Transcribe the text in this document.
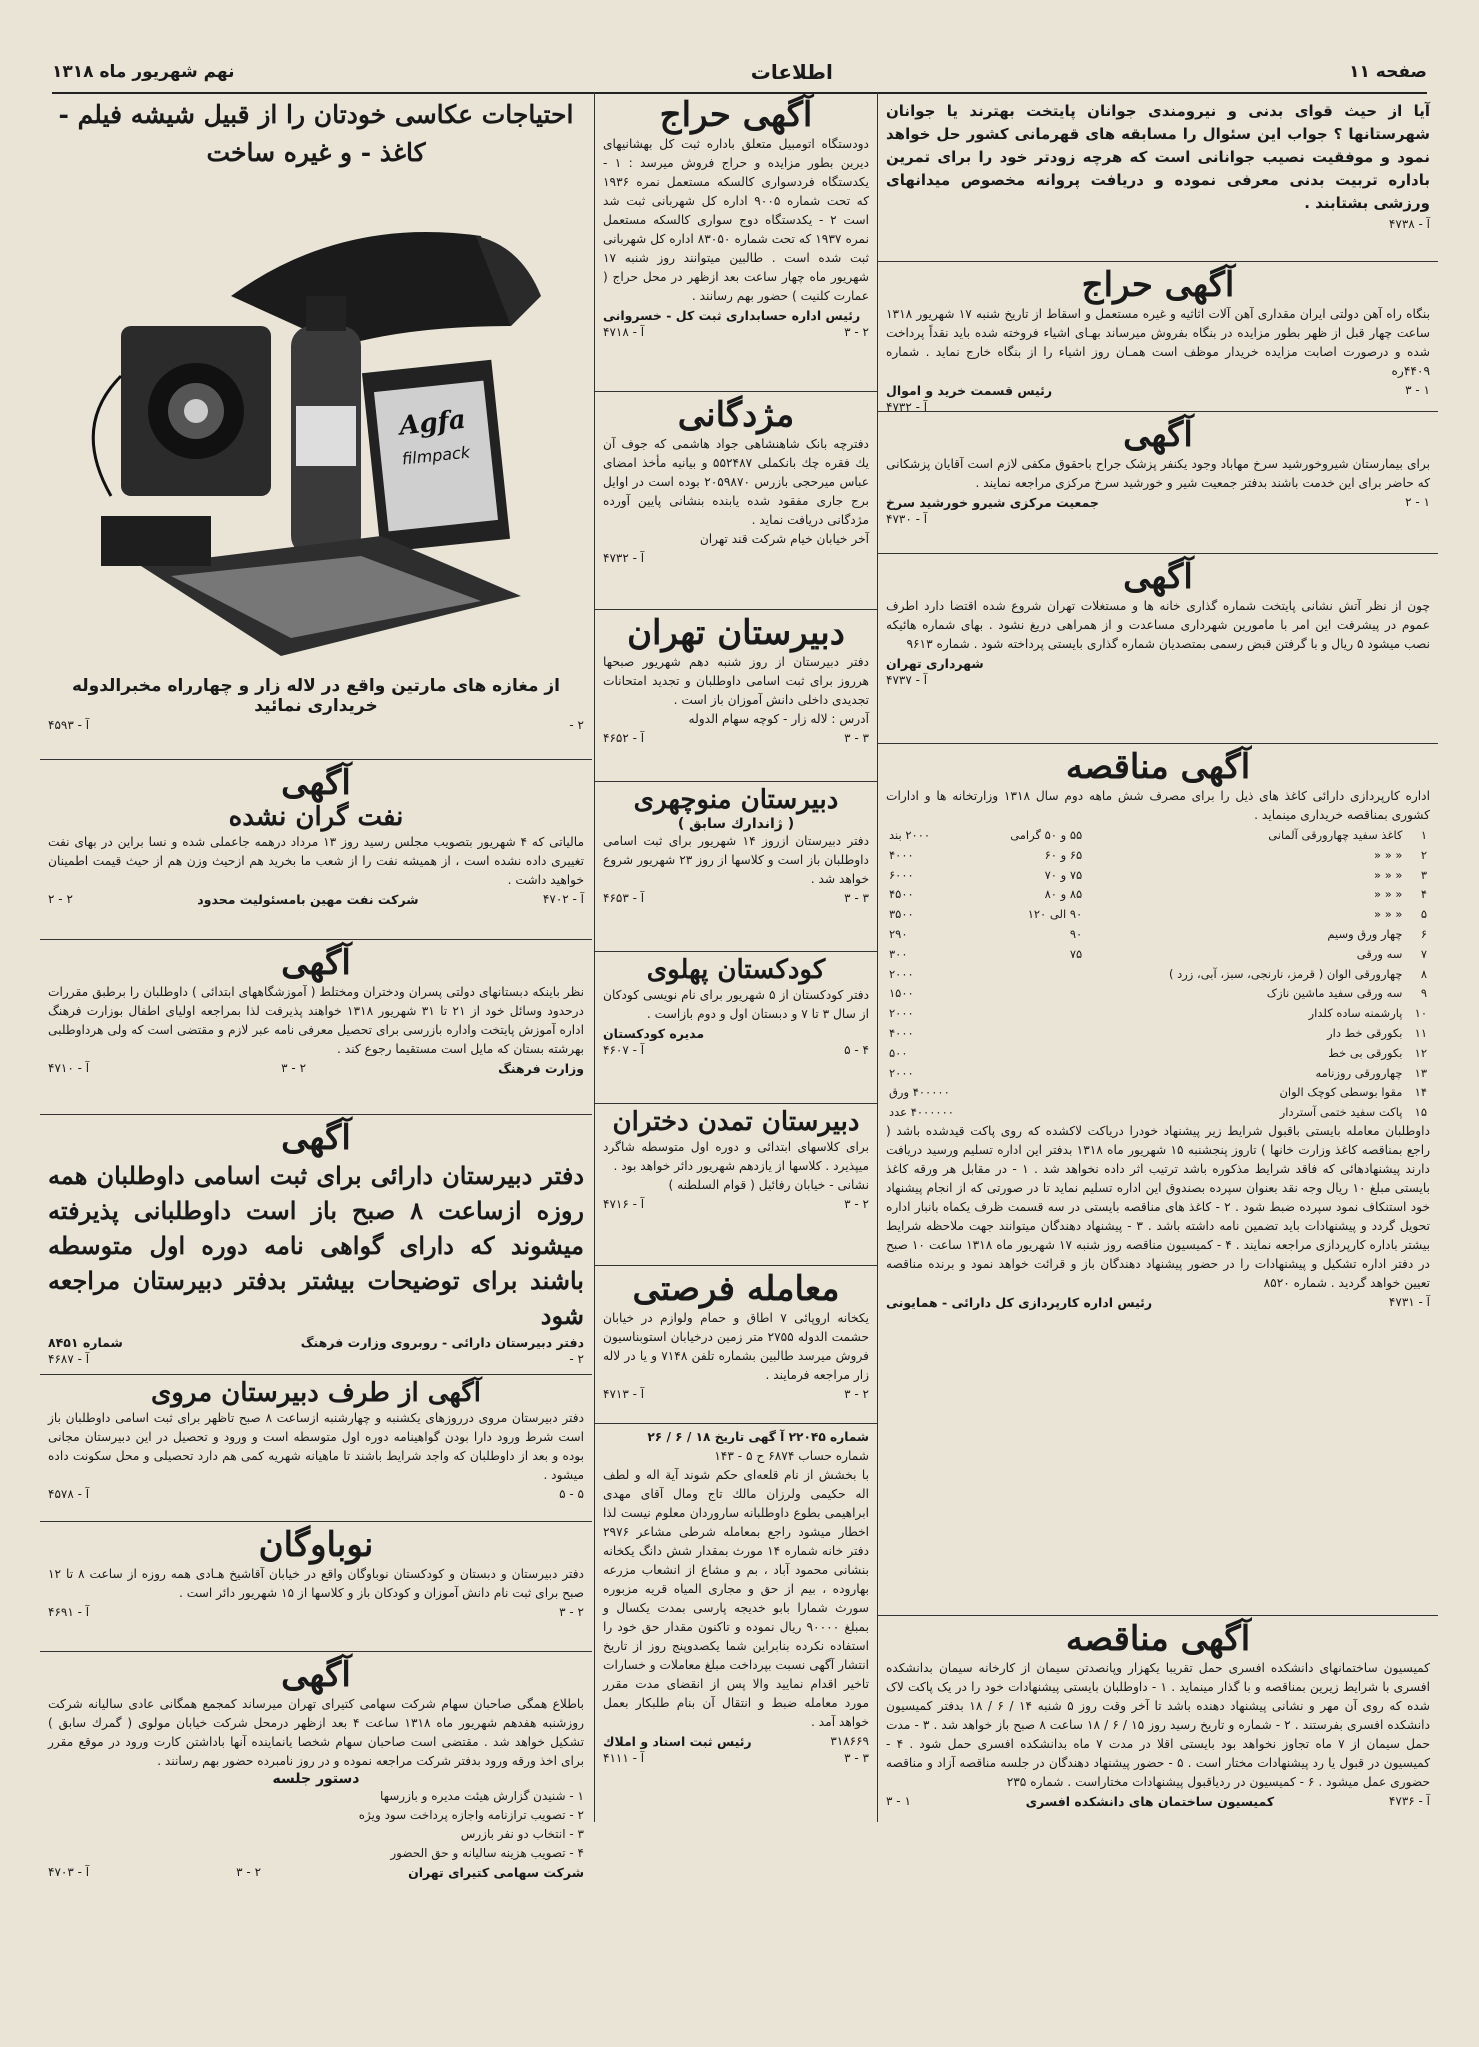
صفحه ۱۱
اطلاعات
نهم شهریور ماه ۱۳۱۸
آیا از حیث قوای بدنی و نیرومندی جوانان پایتخت بهترند یا جوانان شهرستانها ؟ جواب این سئوال را مسابقه های قهرمانی کشور حل خواهد نمود و موفقیت نصیب جوانانی است که هرچه زودتر خود را برای تمرین باداره تربیت بدنی معرفی نموده و دریافت پروانه مخصوص میدانهای ورزشی بشتابند .
آ - ۴۷۳۸
آگهی حراج
بنگاه راه آهن دولتی ایران مقداری آهن آلات اثاثیه و غیره مستعمل و اسقاط از تاریخ شنبه ۱۷ شهریور ۱۳۱۸ ساعت چهار قبل از ظهر بطور مزایده در بنگاه بفروش میرساند بهـای اشیاء فروخته شده باید نقداً پرداخت شده و درصورت اصابت مزایده خریدار موظف است همـان روز اشیاء را از بنگاه خارج نماید . شماره ۴۴۰۹ره
۱ - ۳
رئیس قسمت خرید و اموال
آ - ۴۷۳۲
آگهی
برای بیمارستان شیروخورشید سرخ مهاباد وجود یکنفر پزشک جراح باحقوق مکفی لازم است آقایان پزشکانی که حاضر برای این خدمت باشند بدفتر جمعیت شیر و خورشید سرخ مرکزی مراجعه نمایند .
۱ - ۲
جمعیت مرکزی شیرو خورشید سرخ
آ - ۴۷۳۰
آگهی
چون از نظر آتش نشانی پایتخت شماره گذاری خانه ها و مستغلات تهران شروع شده اقتضا دارد اطرف عموم در پیشرفت این امر با مامورین شهرداری مساعدت و از همراهی دریغ نشود . بهای شماره هائیکه نصب میشود ۵ ریال و با گرفتن قبض رسمی بمتصدیان شماره گذاری بایستی پرداخته شود . شماره ۹۶۱۳
شهرداری تهران
آ - ۴۷۳۷
آگهی مناقصه
اداره کارپردازی دارائی کاغذ های ذیل را برای مصرف شش ماهه دوم سال ۱۳۱۸ وزارتخانه ها و ادارات کشوری بمناقصه خریداری مینماید .
۱	کاغذ سفید چهارورقی آلمانی	۵۵ و ۵۰ گرامی	۲۰۰۰ بند
۲	« « «	۶۵ و ۶۰	۴۰۰۰
۳	« « «	۷۵ و ۷۰	۶۰۰۰
۴	« « «	۸۵ و ۸۰	۴۵۰۰
۵	« « «	۹۰ الی ۱۲۰	۳۵۰۰
۶	چهار ورق وسیم	۹۰	۲۹۰
۷	سه ورقی	۷۵	۳۰۰
۸	چهارورقی الوان ( قرمز، نارنجی، سبز، آبی، زرد )		۲۰۰۰
۹	سه ورقی سفید ماشین نازک		۱۵۰۰
۱۰	پارشمنه ساده کلدار		۲۰۰۰
۱۱	بکورقی خط دار		۴۰۰۰
۱۲	بکورقی بی خط		۵۰۰
۱۳	چهارورقی روزنامه		۲۰۰۰
۱۴	مقوا بوسطی کوچک الوان		۴۰۰۰۰۰ ورق
۱۵	پاکت سفید ختمی آستردار		۴۰۰۰۰۰۰ عدد
داوطلبان معامله بایستی باقبول شرایط زیر پیشنهاد خودرا دریاکت لاکشده که روی پاکت قیدشده باشد ( راجع بمناقصه کاغذ وزارت خانها ) تاروز پنجشنبه ۱۵ شهریور ماه ۱۳۱۸ بدفتر این اداره تسلیم ورسید دریافت دارند پیشنهادهائی که فاقد شرایط مذکوره باشد ترتیب اثر داده نخواهد شد . ۱ - در مقابل هر ورقه کاغذ بایستی مبلغ ۱۰ ریال وجه نقد بعنوان سپرده بصندوق این اداره تسلیم نماید تا در صورتی که از انجام پیشنهاد خود استنکاف نمود سپرده ضبط شود . ۲ - کاغذ های مناقصه بایستی در سه قسمت ظرف یکماه بانبار اداره تحویل گردد و پیشنهادات باید تضمین نامه داشته باشد . ۳ - پیشنهاد دهندگان میتوانند جهت ملاحظه شرایط بیشتر باداره کارپردازی مراجعه نمایند . ۴ - کمیسیون مناقصه روز شنبه ۱۷ شهریور ماه ۱۳۱۸ ساعت ۱۰ صبح در دفتر اداره تشکیل و پیشنهادات را در حضور پیشنهاد دهندگان باز و قرائت خواهد نمود و برنده مناقصه تعیین خواهد گردید . شماره ۸۵۲۰
آ - ۴۷۳۱
رئیس اداره کارپردازی کل دارائی - همایونی
آگهی مناقصه
کمیسیون ساختمانهای دانشکده افسری حمل تقریبا یکهزار وپانصدتن سیمان از کارخانه سیمان بدانشکده افسری با شرایط زیرین بمناقصه و با گذار مینماید . ۱ - داوطلبان بایستی پیشنهادات خود را در یک پاکت لاک شده که روی آن مهر و نشانی پیشنهاد دهنده باشد تا آخر وقت روز ۵ شنبه ۱۴ / ۶ / ۱۸ بدفتر کمیسیون دانشکده افسری بفرستند . ۲ - شماره و تاریخ رسید روز ۱۵ / ۶ / ۱۸ ساعت ۸ صبح باز خواهد شد . ۳ - مدت حمل سیمان از ۷ ماه تجاوز نخواهد بود بایستی اقلا در مدت ۷ ماه بدانشکده افسری حمل شود . ۴ - کمیسیون در قبول یا رد پیشنهادات مختار است . ۵ - حضور پیشنهاد دهندگان در جلسه مناقصه آزاد و مناقصه حضوری عمل میشود . ۶ - کمیسیون در ردیاقبول پیشنهادات مختاراست . شماره ۲۳۵
آ - ۴۷۳۶
کمیسیون ساختمان های دانشکده افسری
۱ - ۳
آگهی حراج
دودستگاه اتومبیل متعلق باداره ثبت کل بهشانیهای دیرین بطور مزایده و حراج فروش میرسد : ۱ - یکدستگاه فردسواری کالسکه مستعمل نمره ۱۹۳۶ که تحت شماره ۹۰۰۵ اداره کل شهربانی ثبت شد است ۲ - یکدستگاه دوج سواری کالسکه مستعمل نمره ۱۹۳۷ که تحت شماره ۸۳۰۵۰ اداره کل شهربانی ثبت شده است . طالبین میتوانند روز شنبه ۱۷ شهریور ماه چهار ساعت بعد ازظهر در محل حراج ( عمارت کلنیت ) حضور بهم رسانند .
رئیس اداره حسابداری ثبت کل - خسروانی
۲ - ۳
آ - ۴۷۱۸
مژدگانی
دفترچه بانک شاهنشاهی جواد هاشمی که جوف آن یك فقره چك بانکملی ۵۵۲۴۸۷ و بیانیه مأخذ امضای عباس میرحجی بازرس ۲۰۵۹۸۷۰ بوده است در اوایل برج جاری مفقود شده یابنده بنشانی پایین آورده مژدگانی دریافت نماید .
آخر خیابان خیام شرکت قند تهران
آ - ۴۷۳۲
دبیرستان تهران
دفتر دبیرستان از روز شنبه دهم شهریور صبحها هرروز برای ثبت اسامی داوطلبان و تجدید امتحانات تجدیدی داخلی دانش آموزان باز است .
آدرس : لاله زار - کوچه سهام الدوله
۳ - ۳
آ - ۴۶۵۲
دبیرستان منوچهری
( ژاندارك سابق )
دفتر دبیرستان ازروز ۱۴ شهریور برای ثبت اسامی داوطلبان باز است و کلاسها از روز ۲۳ شهریور شروع خواهد شد .
۳ - ۳
آ - ۴۶۵۳
کودکستان پهلوی
دفتر کودکستان از ۵ شهریور برای نام نویسی کودکان از سال ۳ تا ۷ و دبستان اول و دوم بازاست .
مدیره کودکستان
۴ - ۵
آ - ۴۶۰۷
دبیرستان تمدن دختران
برای کلاسهای ابتدائی و دوره اول متوسطه شاگرد میپذیرد . کلاسها از یازدهم شهریور دائر خواهد بود .
نشانی - خیابان رفائیل ( قوام السلطنه )
۲ - ۳
آ - ۴۷۱۶
معامله فرصتی
یکخانه اروپائی ۷ اطاق و حمام ولوازم در خیابان حشمت الدوله ۲۷۵۵ متر زمین درخیابان استوبناسیون فروش میرسد طالبین بشماره تلفن ۷۱۴۸ و یا در لاله زار مراجعه فرمایند .
۲ - ۳
آ - ۴۷۱۳
شماره ۲۲۰۴۵ آ گهی تاریخ ۱۸ / ۶ / ۲۶
شماره حساب ۶۸۷۴ ح ۵ - ۱۴۳
با بخشش از نام قلعه‌ای حکم شوند آیة اله و لطف اله حکیمی ولرزان مالك تاج ومال آقای مهدی ابراهیمی بطوع داوطلبانه ساروردان معلوم نیست لذا اخطار میشود راجع بمعامله شرطی مشاعر ۲۹۷۶ دفتر خانه شماره ۱۴ مورث بمقدار شش دانگ یکخانه بنشانی محمود آباد ، بم و مشاع از انشعاب مزرعه بهاروده ، بیم از حق و مجاری المیاه قریه مزبوره سورث شمارا بابو خدیجه پارسی بمدت یکسال و بمبلغ ۹۰۰۰۰ ریال نموده و تاکنون مقدار حق خود را استفاده نکرده بنابراین شما یکصدوپنج روز از تاریخ انتشار آگهی نسبت بپرداخت مبلغ معاملات و خسارات تاخیر اقدام نمایید والا پس از انقضای مدت مقرر مورد معامله ضبط و انتقال آن بنام طلبکار بعمل خواهد آمد .
۳۱۸۶۶۹
رئیس ثبت اسناد و املاك
۳ - ۳
آ - ۴۱۱۱
احتیاجات عکاسی خودتان را از قبیل شیشه فیلم - کاغذ - و غیره ساخت
Agfa
filmpack
از مغازه های مارتین واقع در لاله زار و چهارراه مخبرالدوله خریداری نمائید
۲ -
آ - ۴۵۹۳
آگهی
نفت گران نشده
مالیاتی که ۴ شهریور بتصویب مجلس رسید روز ۱۳ مرداد درهمه جاعملی شده و نسا براین در بهای نفت تغییری داده نشده است ، از همیشه نفت را از شعب ما بخرید هم ازحیث وزن هم از حیث قیمت اطمینان خواهید داشت .
آ - ۴۷۰۲
شرکت نفت مهین بامسئولیت محدود
۲ - ۲
آگهی
نظر باینکه دبستانهای دولتی پسران ودختران ومختلط ( آموزشگاههای ابتدائی ) داوطلبان را برطبق مقررات درحدود وسائل خود از ۲۱ تا ۳۱ شهریور ۱۳۱۸ خواهند پذیرفت لذا بمراجعه اولیای اطفال بوزارت فرهنگ اداره آموزش پایتخت واداره بازرسی برای تحصیل معرفی نامه عبر لازم و مقتضی است که ولی هرداوطلبی بهرشته بستان که مایل است مستقیما رجوع کند .
وزارت فرهنگ
۲ - ۳
آ - ۴۷۱۰
آگهی
دفتر دبیرستان دارائی برای ثبت اسامی داوطلبان همه روزه ازساعت ۸ صبح باز است داوطلبانی پذیرفته میشوند که دارای گواهی نامه دوره اول متوسطه باشند برای توضیحات بیشتر بدفتر دبیرستان مراجعه شود
دفتر دبیرستان دارائی - روبروی وزارت فرهنگ
شماره ۸۴۵۱
۲ -
آ - ۴۶۸۷
آگهی از طرف دبیرستان مروی
دفتر دبیرستان مروی درروزهای یکشنبه و چهارشنبه ازساعت ۸ صبح تاظهر برای ثبت اسامی داوطلبان باز است شرط ورود دارا بودن گواهینامه دوره اول متوسطه است و ورود و تحصیل در این دبیرستان مجانی بوده و بعد از داوطلبان که واجد شرایط باشند تا ماهیانه شهریه کمی هم دارد تحصیلی و محل سکونت داده میشود .
۵ - ۵
آ - ۴۵۷۸
نوباوگان
دفتر دبیرستان و دبستان و کودکستان نوباوگان واقع در خیابان آقاشیخ هـادی همه روزه از ساعت ۸ تا ۱۲ صبح برای ثبت نام دانش آموزان و کودکان باز و کلاسها از ۱۵ شهریور دائر است .
۲ - ۳
آ - ۴۶۹۱
آگهی
باطلاع همگی صاحبان سهام شرکت سهامی کتیرای تهران میرساند کمجمع همگانی عادی سالیانه شرکت روزشنبه هفدهم شهریور ماه ۱۳۱۸ ساعت ۴ بعد ازظهر درمحل شرکت خیابان مولوی ( گمرك سابق ) تشکیل خواهد شد . مقتضی است صاحبان سهام شخصا یانماینده آنها باداشتن کارت ورود در موقع مقرر برای اخذ ورقه ورود بدفتر شرکت مراجعه نموده و در روز نامبرده حضور بهم رسانند .
دستور جلسه
۱ - شنیدن گزارش هیئت مدیره و بازرسها
۲ - تصویب ترازنامه واجازه پرداخت سود ویژه
۳ - انتخاب دو نفر بازرس
۴ - تصویب هزینه سالیانه و حق الحضور
شرکت سهامی کتیرای تهران
۲ - ۳
آ - ۴۷۰۳
